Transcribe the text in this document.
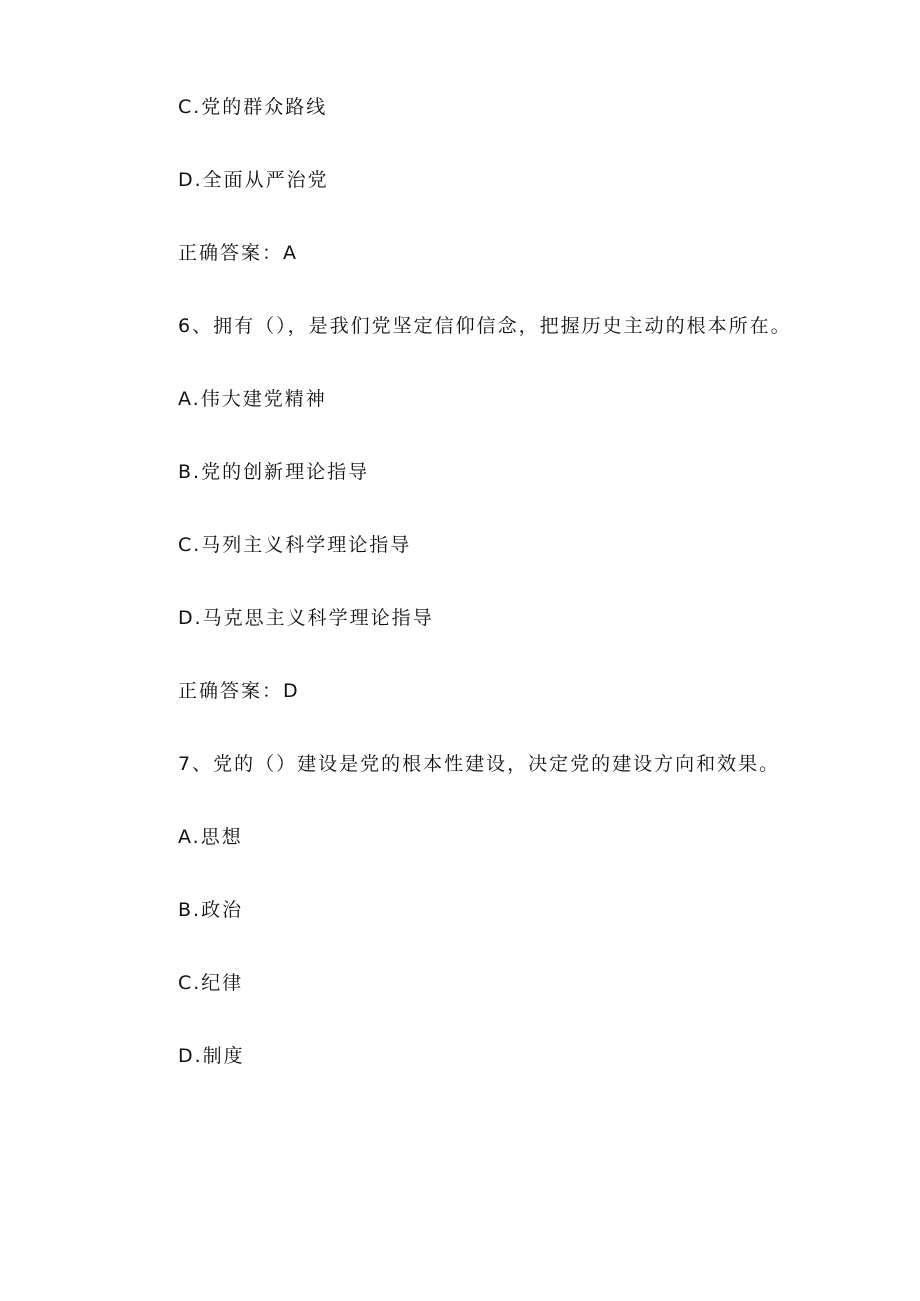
C.党的群众路线

D.全面从严治党

正确答案：A

6、拥有（），是我们党坚定信仰信念，把握历史主动的根本所在。

A.伟大建党精神

B.党的创新理论指导

C.马列主义科学理论指导

D.马克思主义科学理论指导

正确答案：D

7、党的（）建设是党的根本性建设，决定党的建设方向和效果。

A.思想

B.政治

C.纪律

D.制度
